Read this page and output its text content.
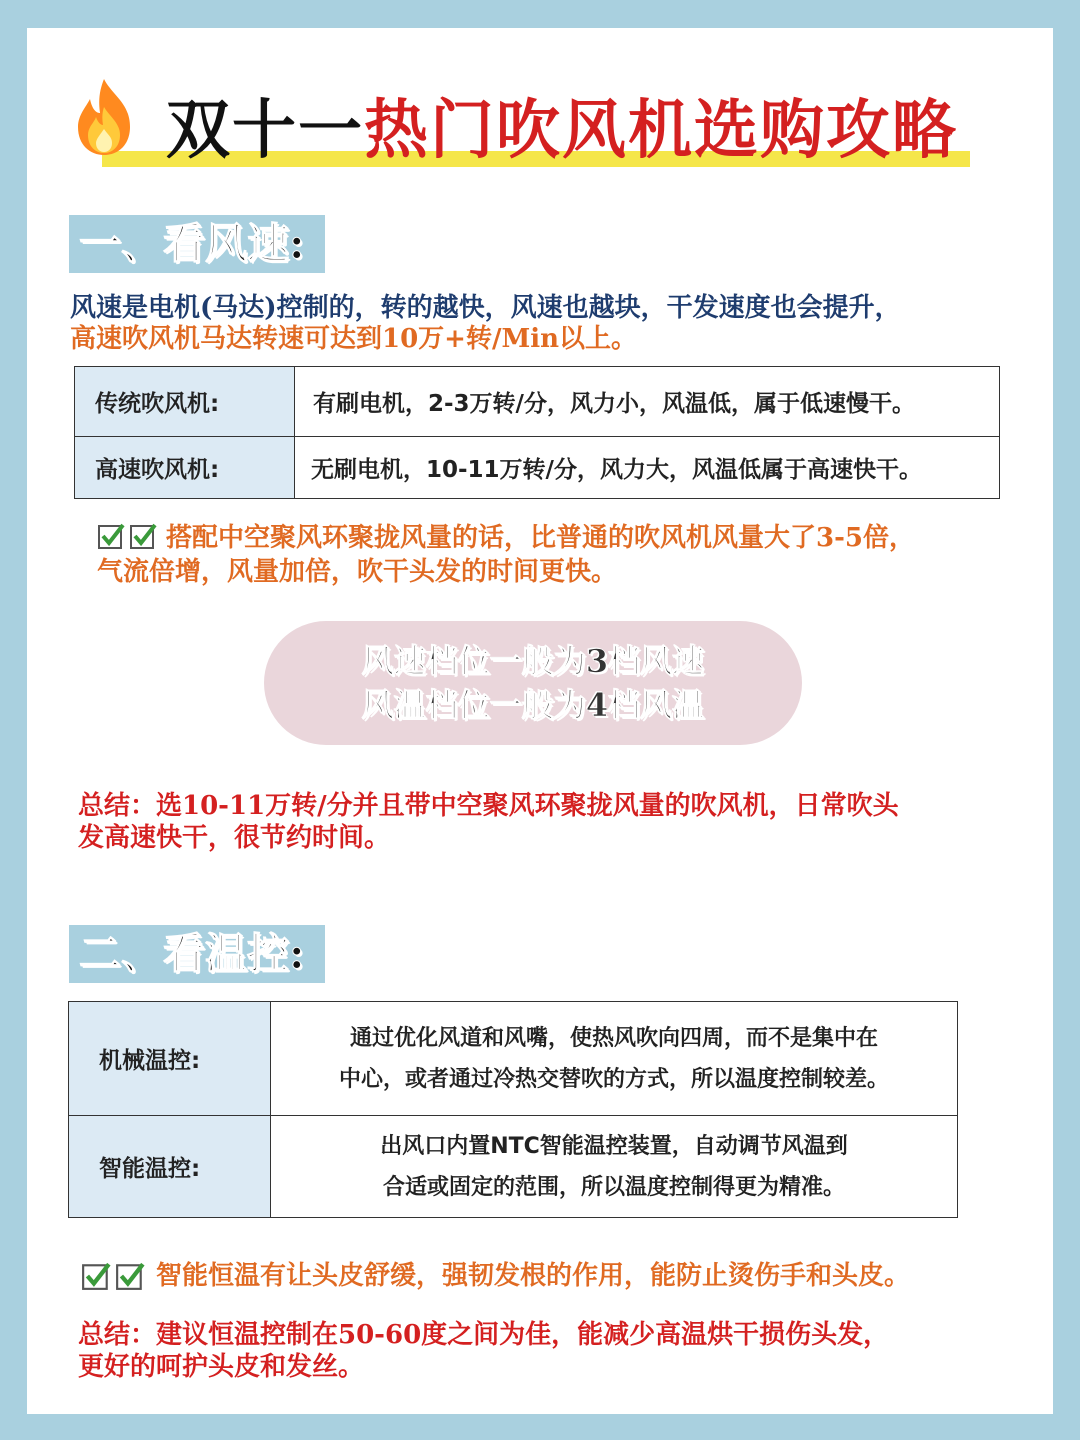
双十一热门吹风机选购攻略
一、看风速:
风速是电机(马达)控制的，转的越快，风速也越块，干发速度也会提升，
高速吹风机马达转速可达到10万+转/Min以上。
传统吹风机:	有刷电机，2-3万转/分，风力小，风温低，属于低速慢干。
高速吹风机:	无刷电机，10-11万转/分，风力大，风温低属于高速快干。
搭配中空聚风环聚拢风量的话，比普通的吹风机风量大了3-5倍，
气流倍增，风量加倍，吹干头发的时间更快。
风速档位一般为3档风速
风温档位一般为4档风温
总结：选10-11万转/分并且带中空聚风环聚拢风量的吹风机，日常吹头
发高速快干，很节约时间。
二、看温控:
机械温控:	通过优化风道和风嘴，使热风吹向四周，而不是集中在
中心，或者通过冷热交替吹的方式，所以温度控制较差。

智能温控:	出风口内置NTC智能温控装置，自动调节风温到
合适或固定的范围，所以温度控制得更为精准。
智能恒温有让头皮舒缓，强韧发根的作用，能防止烫伤手和头皮。
总结：建议恒温控制在50-60度之间为佳，能减少高温烘干损伤头发，
更好的呵护头皮和发丝。
